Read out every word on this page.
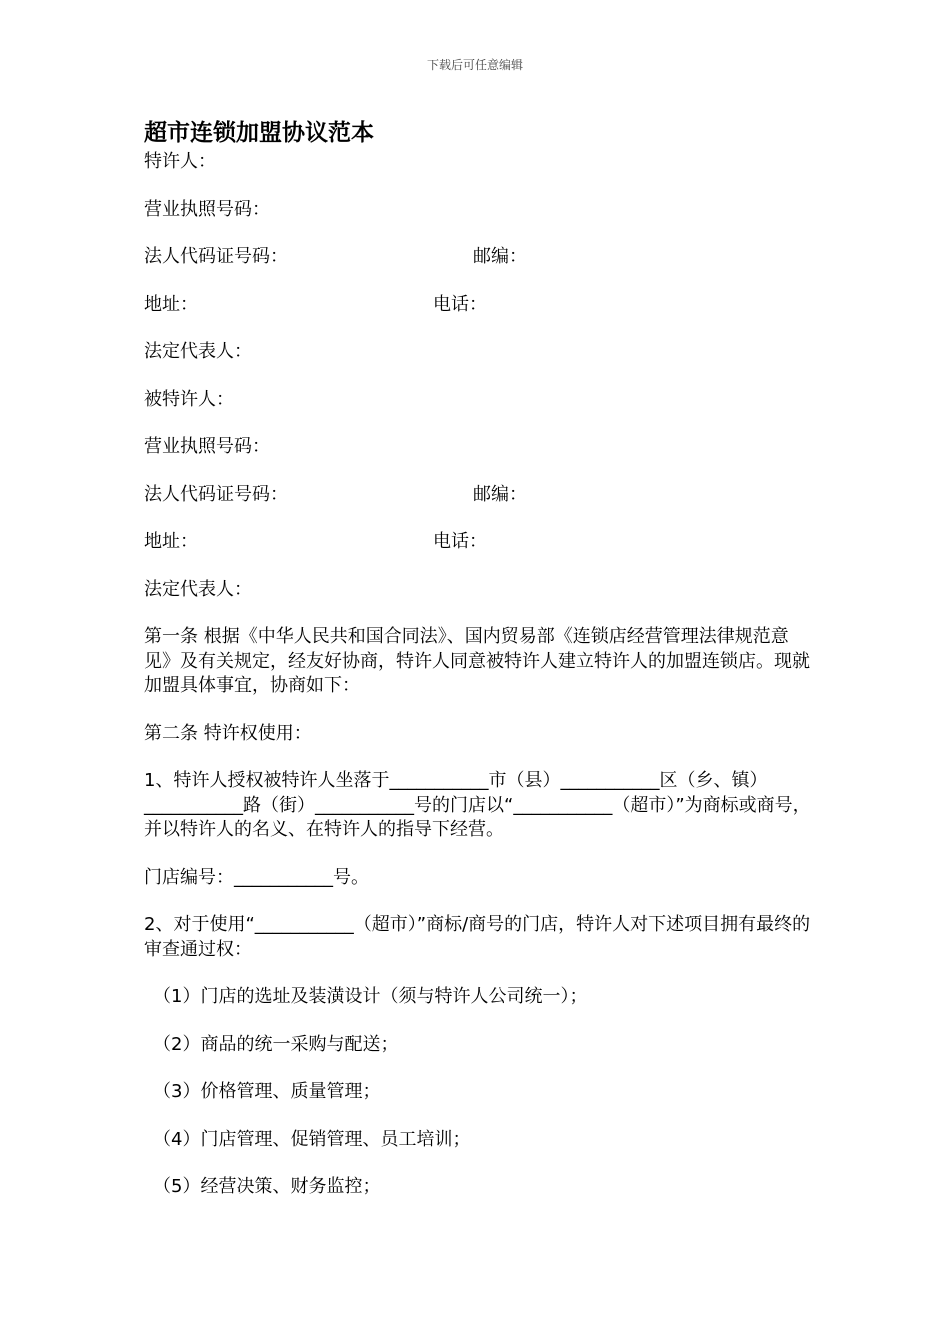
下载后可任意编辑
超市连锁加盟协议范本
特许人：
营业执照号码：
法人代码证号码：	邮编：
地址：	电话：
法定代表人：
被特许人：
营业执照号码：
法人代码证号码：	邮编：
地址：	电话：
法定代表人：
第一条 根据《中华人民共和国合同法》、国内贸易部《连锁店经营管理法律规范意见》及有关规定，经友好协商，特许人同意被特许人建立特许人的加盟连锁店。现就加盟具体事宜，协商如下：
第二条 特许权使用：
1、特许人授权被特许人坐落于___________市（县）___________区（乡、镇）___________路（街）___________号的门店以“___________（超市）”为商标或商号，并以特许人的名义、在特许人的指导下经营。
门店编号：___________号。
2、对于使用“___________（超市）”商标/商号的门店，特许人对下述项目拥有最终的审查通过权：
（1）门店的选址及装潢设计（须与特许人公司统一）；
（2）商品的统一采购与配送；
（3）价格管理、质量管理；
（4）门店管理、促销管理、员工培训；
（5）经营决策、财务监控；
